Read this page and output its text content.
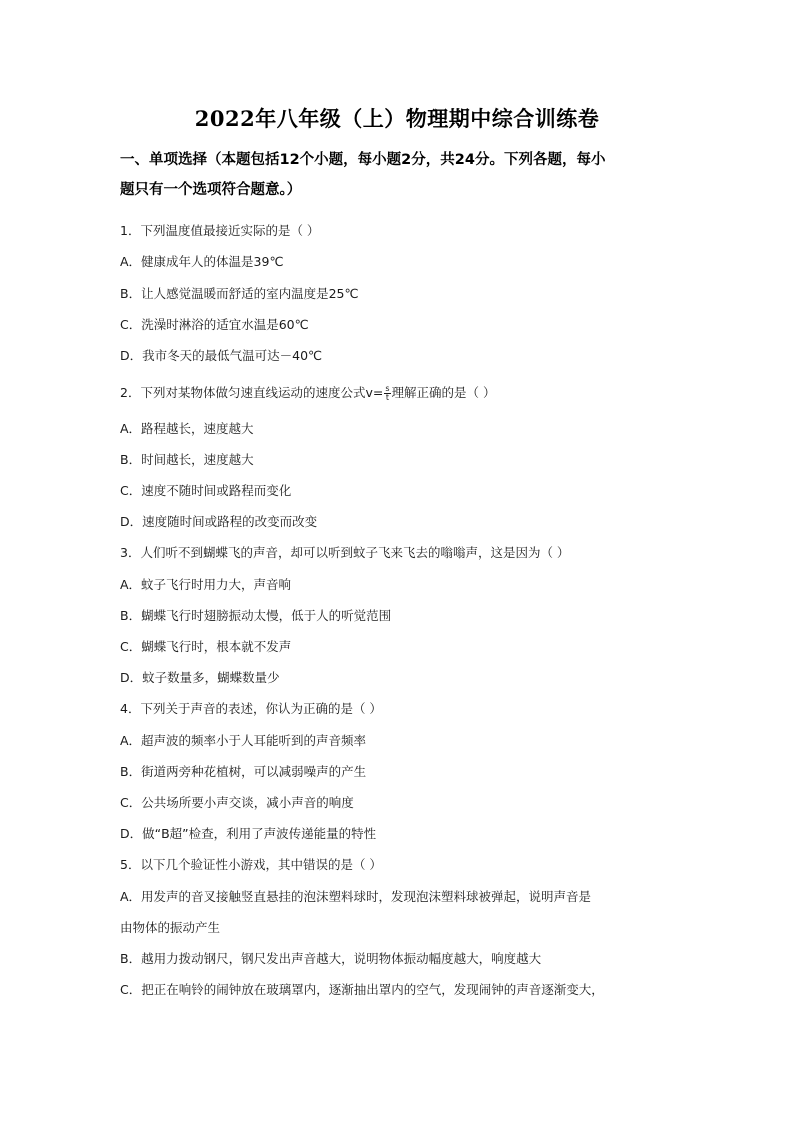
2022年八年级（上）物理期中综合训练卷
一、单项选择（本题包括12个小题，每小题2分，共24分。下列各题，每小
题只有一个选项符合题意。）
1．下列温度值最接近实际的是（ ）
A．健康成年人的体温是39℃
B．让人感觉温暖而舒适的室内温度是25℃
C．洗澡时淋浴的适宜水温是60℃
D．我市冬天的最低气温可达－40℃
2．下列对某物体做匀速直线运动的速度公式$v= \frac{s}{t}$ 理解正确的是（ ）
A．路程越长，速度越大
B．时间越长，速度越大
C．速度不随时间或路程而变化
D．速度随时间或路程的改变而改变
3．人们听不到蝴蝶飞的声音，却可以听到蚊子飞来飞去的嗡嗡声，这是因为（ ）
A．蚊子飞行时用力大，声音响
B．蝴蝶飞行时翅膀振动太慢，低于人的听觉范围
C．蝴蝶飞行时，根本就不发声
D．蚊子数量多，蝴蝶数量少
4．下列关于声音的表述，你认为正确的是（ ）
A．超声波的频率小于人耳能听到的声音频率
B．街道两旁种花植树，可以减弱噪声的产生
C．公共场所要小声交谈，减小声音的响度
D．做“B超”检查，利用了声波传递能量的特性
5．以下几个验证性小游戏，其中错误的是（ ）
A．用发声的音叉接触竖直悬挂的泡沫塑料球时，发现泡沫塑料球被弹起，说明声音是
由物体的振动产生
B．越用力拨动钢尺，钢尺发出声音越大，说明物体振动幅度越大，响度越大
C．把正在响铃的闹钟放在玻璃罩内，逐渐抽出罩内的空气，发现闹钟的声音逐渐变大，
